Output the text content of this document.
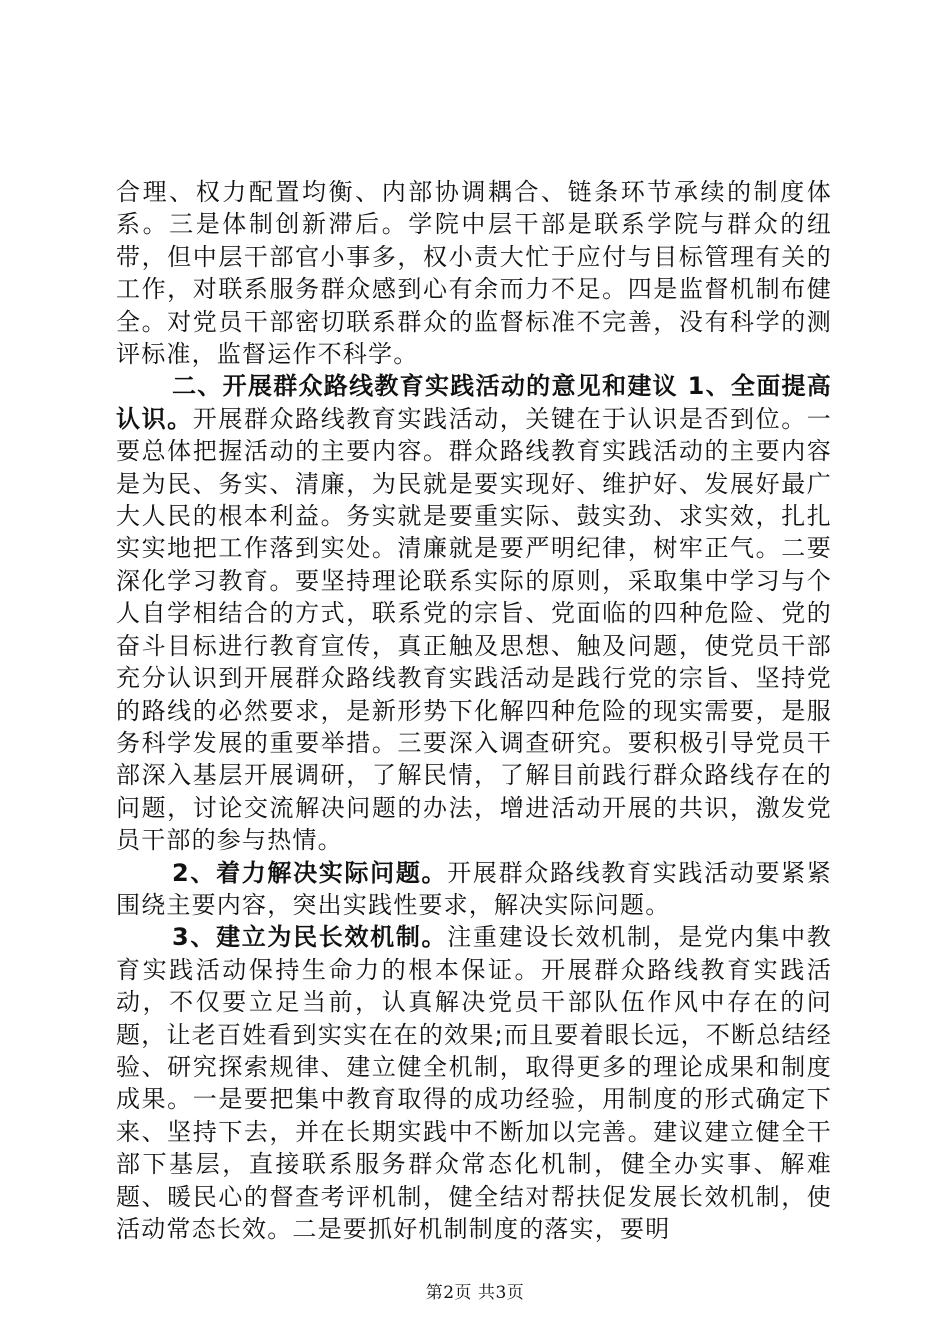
合理、权力配置均衡、内部协调耦合、链条环节承续的制度体系。三是体制创新滞后。学院中层干部是联系学院与群众的纽带，但中层干部官小事多，权小责大忙于应付与目标管理有关的工作，对联系服务群众感到心有余而力不足。四是监督机制布健全。对党员干部密切联系群众的监督标准不完善，没有科学的测评标准，监督运作不科学。

二、开展群众路线教育实践活动的意见和建议 1、全面提高认识。开展群众路线教育实践活动，关键在于认识是否到位。一要总体把握活动的主要内容。群众路线教育实践活动的主要内容是为民、务实、清廉，为民就是要实现好、维护好、发展好最广大人民的根本利益。务实就是要重实际、鼓实劲、求实效，扎扎实实地把工作落到实处。清廉就是要严明纪律，树牢正气。二要深化学习教育。要坚持理论联系实际的原则，采取集中学习与个人自学相结合的方式，联系党的宗旨、党面临的四种危险、党的奋斗目标进行教育宣传，真正触及思想、触及问题，使党员干部充分认识到开展群众路线教育实践活动是践行党的宗旨、坚持党的路线的必然要求，是新形势下化解四种危险的现实需要，是服务科学发展的重要举措。三要深入调查研究。要积极引导党员干部深入基层开展调研，了解民情，了解目前践行群众路线存在的问题，讨论交流解决问题的办法，增进活动开展的共识，激发党员干部的参与热情。

2、着力解决实际问题。开展群众路线教育实践活动要紧紧围绕主要内容，突出实践性要求，解决实际问题。

3、建立为民长效机制。注重建设长效机制，是党内集中教育实践活动保持生命力的根本保证。开展群众路线教育实践活动，不仅要立足当前，认真解决党员干部队伍作风中存在的问题，让老百姓看到实实在在的效果;而且要着眼长远，不断总结经验、研究探索规律、建立健全机制，取得更多的理论成果和制度成果。一是要把集中教育取得的成功经验，用制度的形式确定下来、坚持下去，并在长期实践中不断加以完善。建议建立健全干部下基层，直接联系服务群众常态化机制，健全办实事、解难题、暖民心的督查考评机制，健全结对帮扶促发展长效机制，使活动常态长效。二是要抓好机制制度的落实，要明

第2页 共3页
